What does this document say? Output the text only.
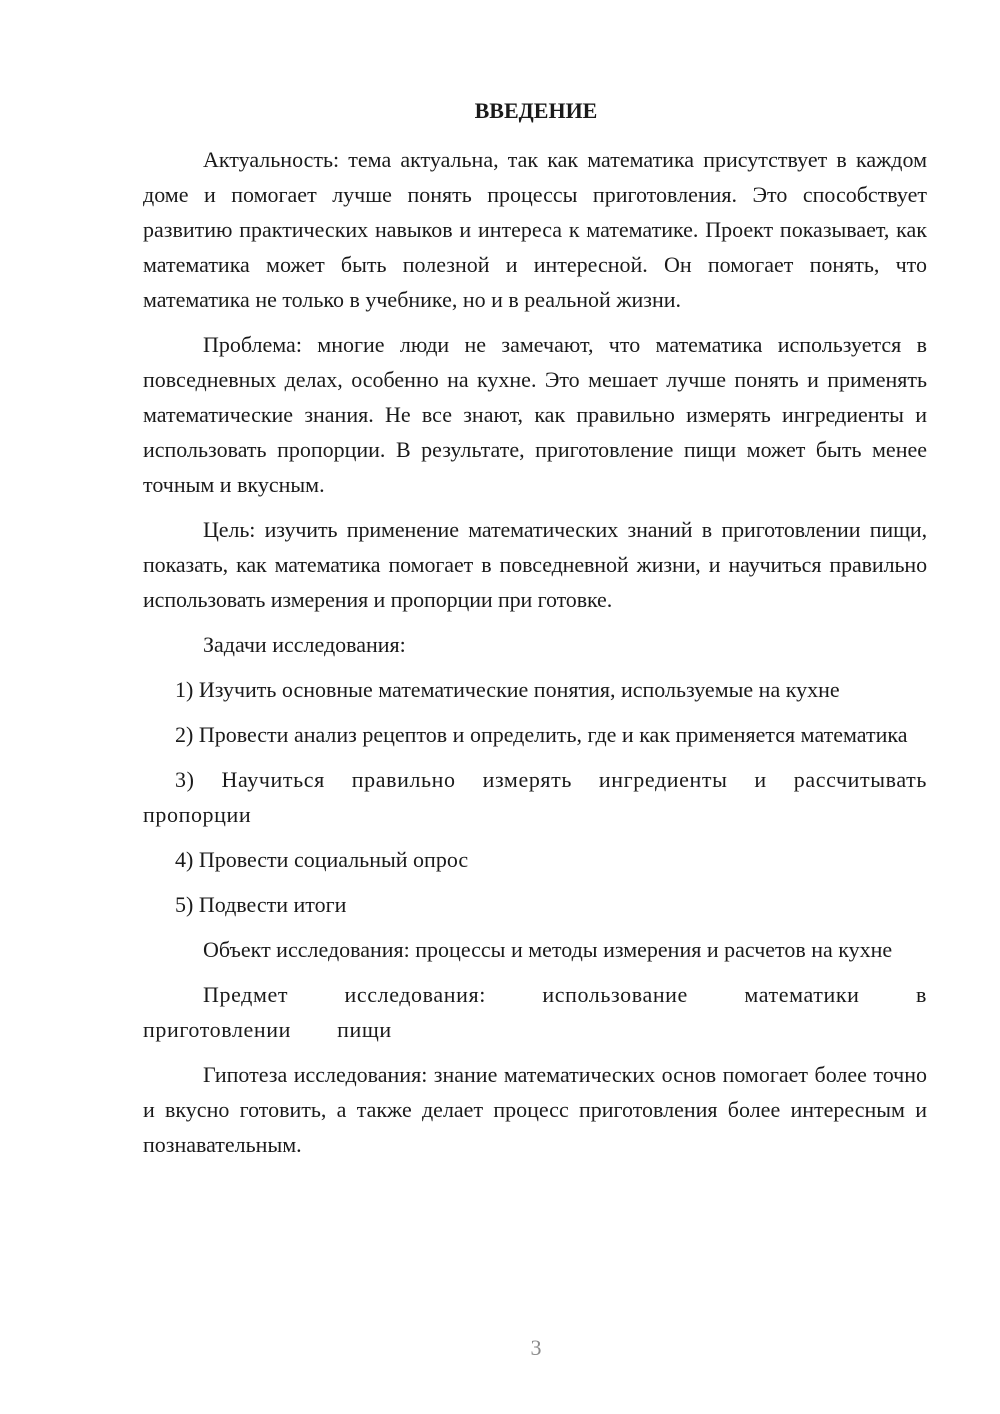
ВВЕДЕНИЕ

Актуальность: тема актуальна, так как математика присутствует в каждом доме и помогает лучше понять процессы приготовления. Это способствует развитию практических навыков и интереса к математике. Проект показывает, как математика может быть полезной и интересной. Он помогает понять, что математика не только в учебнике, но и в реальной жизни.

Проблема: многие люди не замечают, что математика используется в повседневных делах, особенно на кухне. Это мешает лучше понять и применять математические знания. Не все знают, как правильно измерять ингредиенты и использовать пропорции. В результате, приготовление пищи может быть менее точным и вкусным.

Цель: изучить применение математических знаний в приготовлении пищи, показать, как математика помогает в повседневной жизни, и научиться правильно использовать измерения и пропорции при готовке.

Задачи исследования:

1) Изучить основные математические понятия, используемые на кухне

2) Провести анализ рецептов и определить, где и как применяется математика

3) Научиться правильно измерять ингредиенты и рассчитывать пропорции

4) Провести социальный опрос

5) Подвести итоги

Объект исследования: процессы и методы измерения и расчетов на кухне

Предмет исследования: использование математики в приготовлении пищи

Гипотеза исследования: знание математических основ помогает более точно и вкусно готовить, а также делает процесс приготовления более интересным и познавательным.

3
